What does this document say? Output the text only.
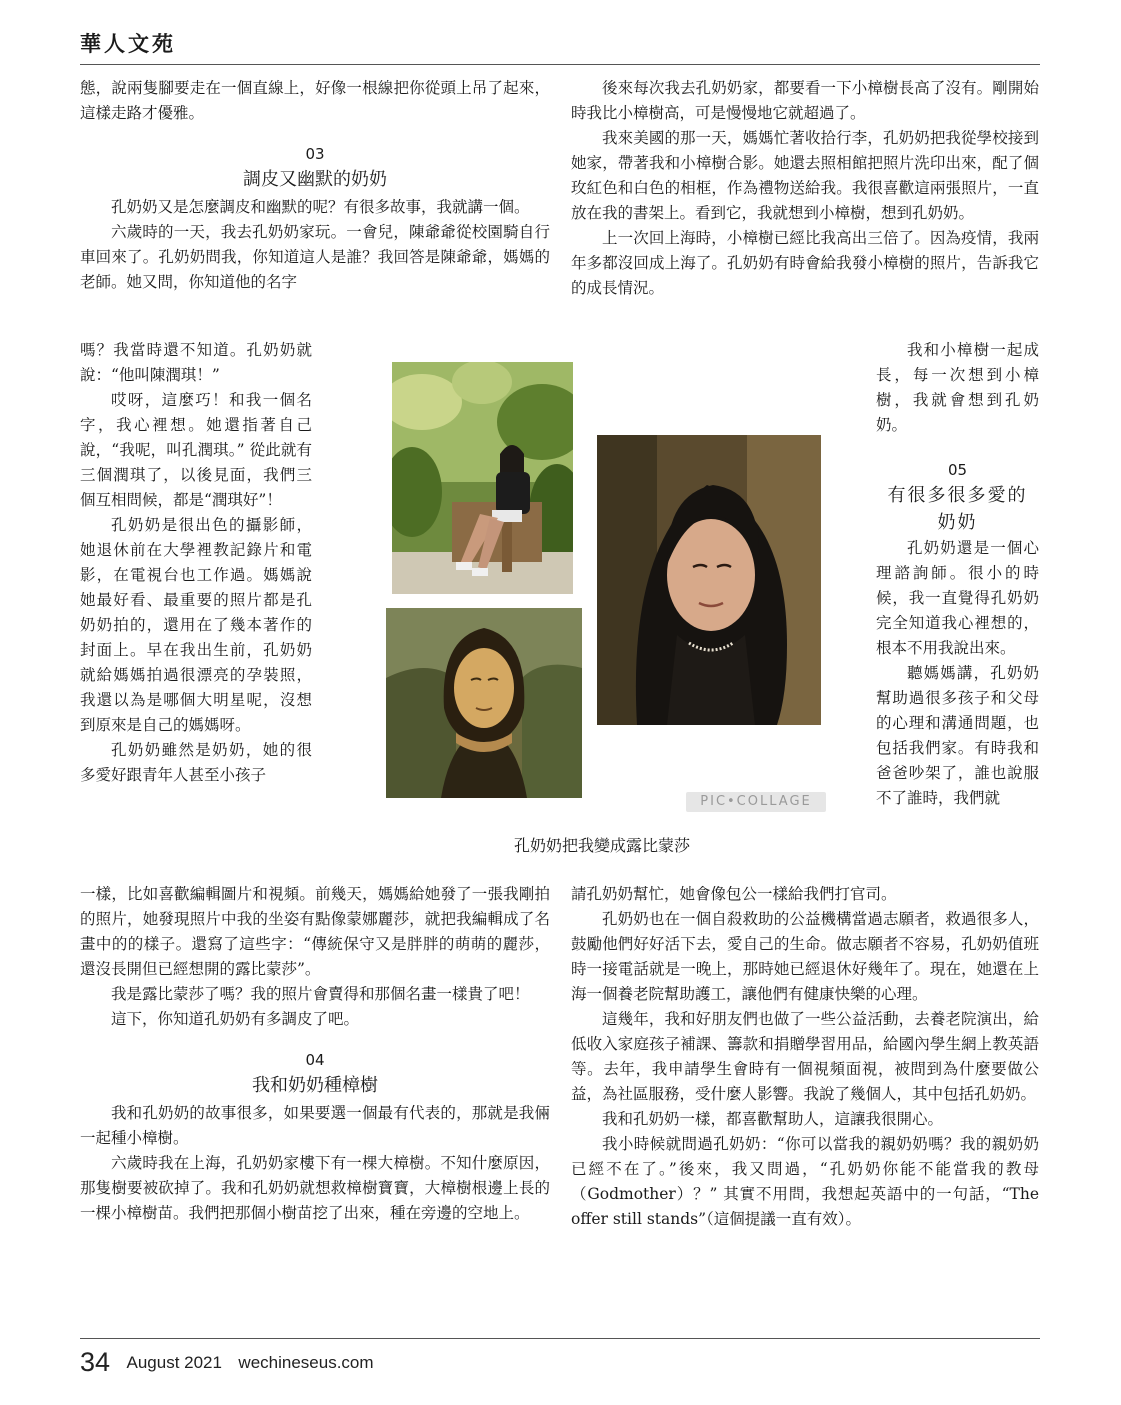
華人文苑

態，說兩隻腳要走在一個直線上，好像一根線把你從頭上吊了起來，這樣走路才優雅。

03
調皮又幽默的奶奶

孔奶奶又是怎麼調皮和幽默的呢？有很多故事，我就講一個。

六歲時的一天，我去孔奶奶家玩。一會兒，陳爺爺從校園騎自行車回來了。孔奶奶問我，你知道這人是誰？我回答是陳爺爺，媽媽的老師。她又問，你知道他的名字

嗎？我當時還不知道。孔奶奶就說：“他叫陳潤琪！”

哎呀，這麼巧！和我一個名字，我心裡想。她還指著自己說，“我呢，叫孔潤琪。” 從此就有三個潤琪了，以後見面，我們三個互相問候，都是“潤琪好”！

孔奶奶是很出色的攝影師，她退休前在大學裡教記錄片和電影，在電視台也工作過。媽媽說她最好看、最重要的照片都是孔奶奶拍的，還用在了幾本著作的封面上。早在我出生前，孔奶奶就給媽媽拍過很漂亮的孕裝照，我還以為是哪個大明星呢，沒想到原來是自己的媽媽呀。

孔奶奶雖然是奶奶，她的很多愛好跟青年人甚至小孩子

一樣，比如喜歡編輯圖片和視頻。前幾天，媽媽給她發了一張我剛拍的照片，她發現照片中我的坐姿有點像蒙娜麗莎，就把我編輯成了名畫中的的樣子。還寫了這些字：“傳統保守又是胖胖的萌萌的麗莎，還沒長開但已經想開的露比蒙莎”。

我是露比蒙莎了嗎？我的照片會賣得和那個名畫一樣貴了吧！

這下，你知道孔奶奶有多調皮了吧。

04
我和奶奶種樟樹

我和孔奶奶的故事很多，如果要選一個最有代表的，那就是我倆一起種小樟樹。

六歲時我在上海，孔奶奶家樓下有一棵大樟樹。不知什麼原因，那隻樹要被砍掉了。我和孔奶奶就想救樟樹寶寶，大樟樹根邊上長的一棵小樟樹苗。我們把那個小樹苗挖了出來，種在旁邊的空地上。

後來每次我去孔奶奶家，都要看一下小樟樹長高了沒有。剛開始時我比小樟樹高，可是慢慢地它就超過了。

我來美國的那一天，媽媽忙著收拾行李，孔奶奶把我從學校接到她家，帶著我和小樟樹合影。她還去照相館把照片洗印出來，配了個玫紅色和白色的相框，作為禮物送給我。我很喜歡這兩張照片，一直放在我的書架上。看到它，我就想到小樟樹，想到孔奶奶。

上一次回上海時，小樟樹已經比我高出三倍了。因為疫情，我兩年多都沒回成上海了。孔奶奶有時會給我發小樟樹的照片，告訴我它的成長情況。

我和小樟樹一起成長，每一次想到小樟樹，我就會想到孔奶奶。

05
有很多很多愛的
奶奶

孔奶奶還是一個心理諮詢師。很小的時候，我一直覺得孔奶奶完全知道我心裡想的，根本不用我說出來。

聽媽媽講，孔奶奶幫助過很多孩子和父母的心理和溝通問題，也包括我們家。有時我和爸爸吵架了，誰也說服不了誰時，我們就

請孔奶奶幫忙，她會像包公一樣給我們打官司。

孔奶奶也在一個自殺救助的公益機構當過志願者，救過很多人，鼓勵他們好好活下去，愛自己的生命。做志願者不容易，孔奶奶值班時一接電話就是一晚上，那時她已經退休好幾年了。現在，她還在上海一個養老院幫助護工，讓他們有健康快樂的心理。

這幾年，我和好朋友們也做了一些公益活動，去養老院演出，給低收入家庭孩子補課、籌款和捐贈學習用品，給國內學生網上教英語等。去年，我申請學生會時有一個視頻面視，被問到為什麼要做公益，為社區服務，受什麼人影響。我說了幾個人，其中包括孔奶奶。

我和孔奶奶一樣，都喜歡幫助人，這讓我很開心。

我小時候就問過孔奶奶：“你可以當我的親奶奶嗎？我的親奶奶已經不在了。”後來，我又問過，“孔奶奶你能不能當我的教母（Godmother）？” 其實不用問，我想起英語中的一句話，“The offer still stands”（這個提議一直有效）。

PIC•COLLAGE
孔奶奶把我變成露比蒙莎
34 August 2021 wechineseus.com
